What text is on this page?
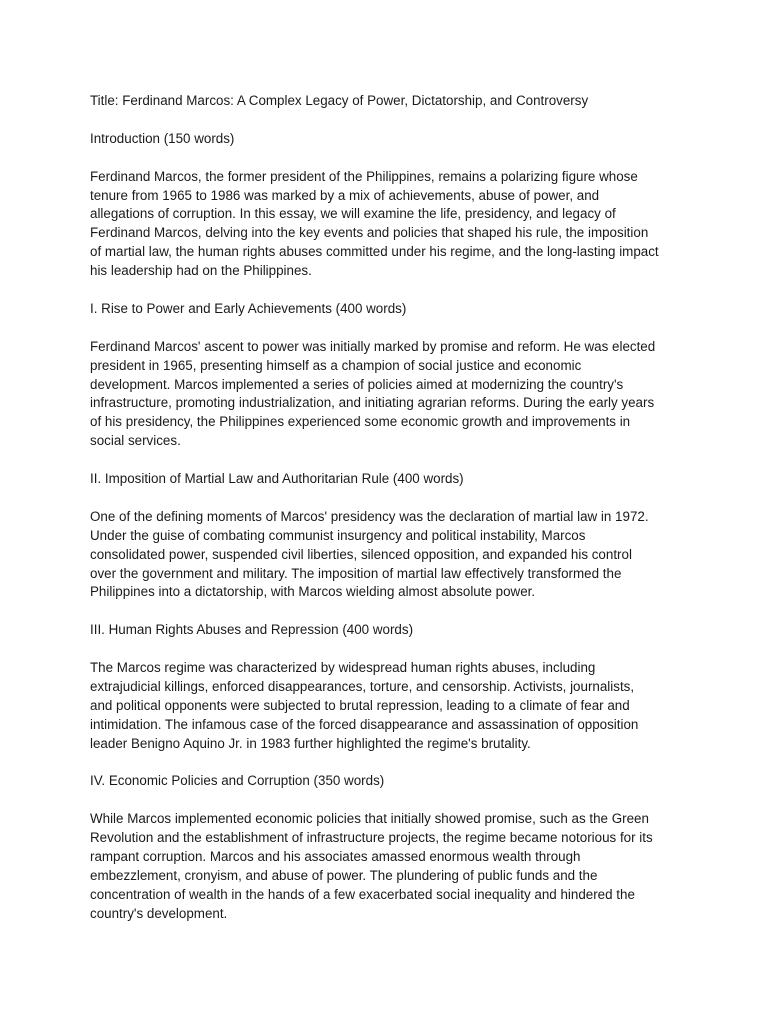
Title: Ferdinand Marcos: A Complex Legacy of Power, Dictatorship, and Controversy

Introduction (150 words)

Ferdinand Marcos, the former president of the Philippines, remains a polarizing figure whose
tenure from 1965 to 1986 was marked by a mix of achievements, abuse of power, and
allegations of corruption. In this essay, we will examine the life, presidency, and legacy of
Ferdinand Marcos, delving into the key events and policies that shaped his rule, the imposition
of martial law, the human rights abuses committed under his regime, and the long-lasting impact
his leadership had on the Philippines.

I. Rise to Power and Early Achievements (400 words)

Ferdinand Marcos' ascent to power was initially marked by promise and reform. He was elected
president in 1965, presenting himself as a champion of social justice and economic
development. Marcos implemented a series of policies aimed at modernizing the country's
infrastructure, promoting industrialization, and initiating agrarian reforms. During the early years
of his presidency, the Philippines experienced some economic growth and improvements in
social services.

II. Imposition of Martial Law and Authoritarian Rule (400 words)

One of the defining moments of Marcos' presidency was the declaration of martial law in 1972.
Under the guise of combating communist insurgency and political instability, Marcos
consolidated power, suspended civil liberties, silenced opposition, and expanded his control
over the government and military. The imposition of martial law effectively transformed the
Philippines into a dictatorship, with Marcos wielding almost absolute power.

III. Human Rights Abuses and Repression (400 words)

The Marcos regime was characterized by widespread human rights abuses, including
extrajudicial killings, enforced disappearances, torture, and censorship. Activists, journalists,
and political opponents were subjected to brutal repression, leading to a climate of fear and
intimidation. The infamous case of the forced disappearance and assassination of opposition
leader Benigno Aquino Jr. in 1983 further highlighted the regime's brutality.

IV. Economic Policies and Corruption (350 words)

While Marcos implemented economic policies that initially showed promise, such as the Green
Revolution and the establishment of infrastructure projects, the regime became notorious for its
rampant corruption. Marcos and his associates amassed enormous wealth through
embezzlement, cronyism, and abuse of power. The plundering of public funds and the
concentration of wealth in the hands of a few exacerbated social inequality and hindered the
country's development.
